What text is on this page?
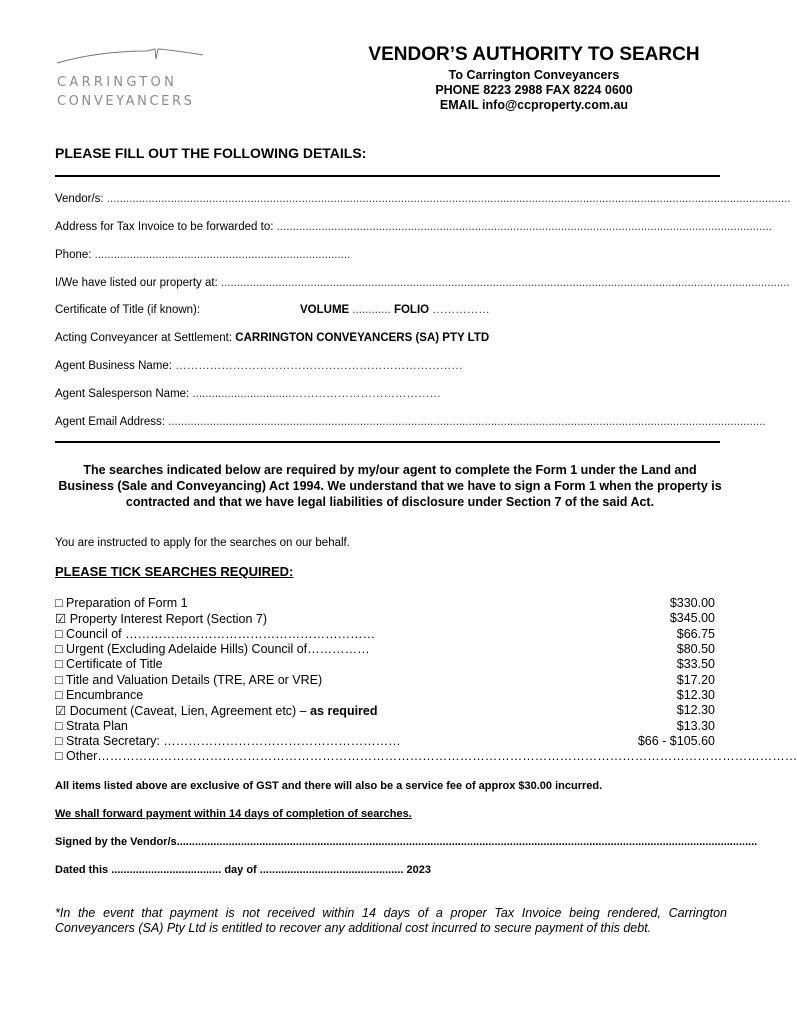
CARRINGTON
CONVEYANCERS
VENDOR’S AUTHORITY TO SEARCH
To Carrington Conveyancers
PHONE 8223 2988 FAX 8224 0600
EMAIL info@ccproperty.com.au
PLEASE FILL OUT THE FOLLOWING DETAILS:
Vendor/s: ......................................................................................................................................................................................................................
Address for Tax Invoice to be forwarded to: ...........................................................................................................................................................
Phone: ................................................................................
I/We have listed our property at: ..................................................................................................................................................................................
Certificate of Title (if known):	VOLUME ............ FOLIO ……………
Acting Conveyancer at Settlement: CARRINGTON CONVEYANCERS (SA) PTY LTD
Agent Business Name: …………………………………………………………………
Agent Salesperson Name: ...............................…………………………………
Agent Email Address: ...........................................................................................................................................................................................
The searches indicated below are required by my/our agent to complete the Form 1 under the Land and Business (Sale and Conveyancing) Act 1994. We understand that we have to sign a Form 1 when the property is contracted and that we have legal liabilities of disclosure under Section 7 of the said Act.
You are instructed to apply for the searches on our behalf.
PLEASE TICK SEARCHES REQUIRED:
□ Preparation of Form 1	$330.00
☑ Property Interest Report (Section 7)	$345.00
□ Council of ……………………………………………………	$66.75
□ Urgent (Excluding Adelaide Hills) Council of……………	$80.50
□ Certificate of Title	$33.50
□ Title and Valuation Details (TRE, ARE or VRE)	$17.20
□ Encumbrance	$12.30
☑ Document (Caveat, Lien, Agreement etc) – as required	$12.30
□ Strata Plan	$13.30
□ Strata Secretary: …………………………………………………	$66 - $105.60
□ Other……………………………………………………………………………………………………………………………………………………
All items listed above are exclusive of GST and there will also be a service fee of approx $30.00 incurred.
We shall forward payment within 14 days of completion of searches.
Signed by the Vendor/s..............................................................................................................................................................................................
Dated this .................................... day of ............................................... 2023
*In the event that payment is not received within 14 days of a proper Tax Invoice being rendered, Carrington Conveyancers (SA) Pty Ltd is entitled to recover any additional cost incurred to secure payment of this debt.
